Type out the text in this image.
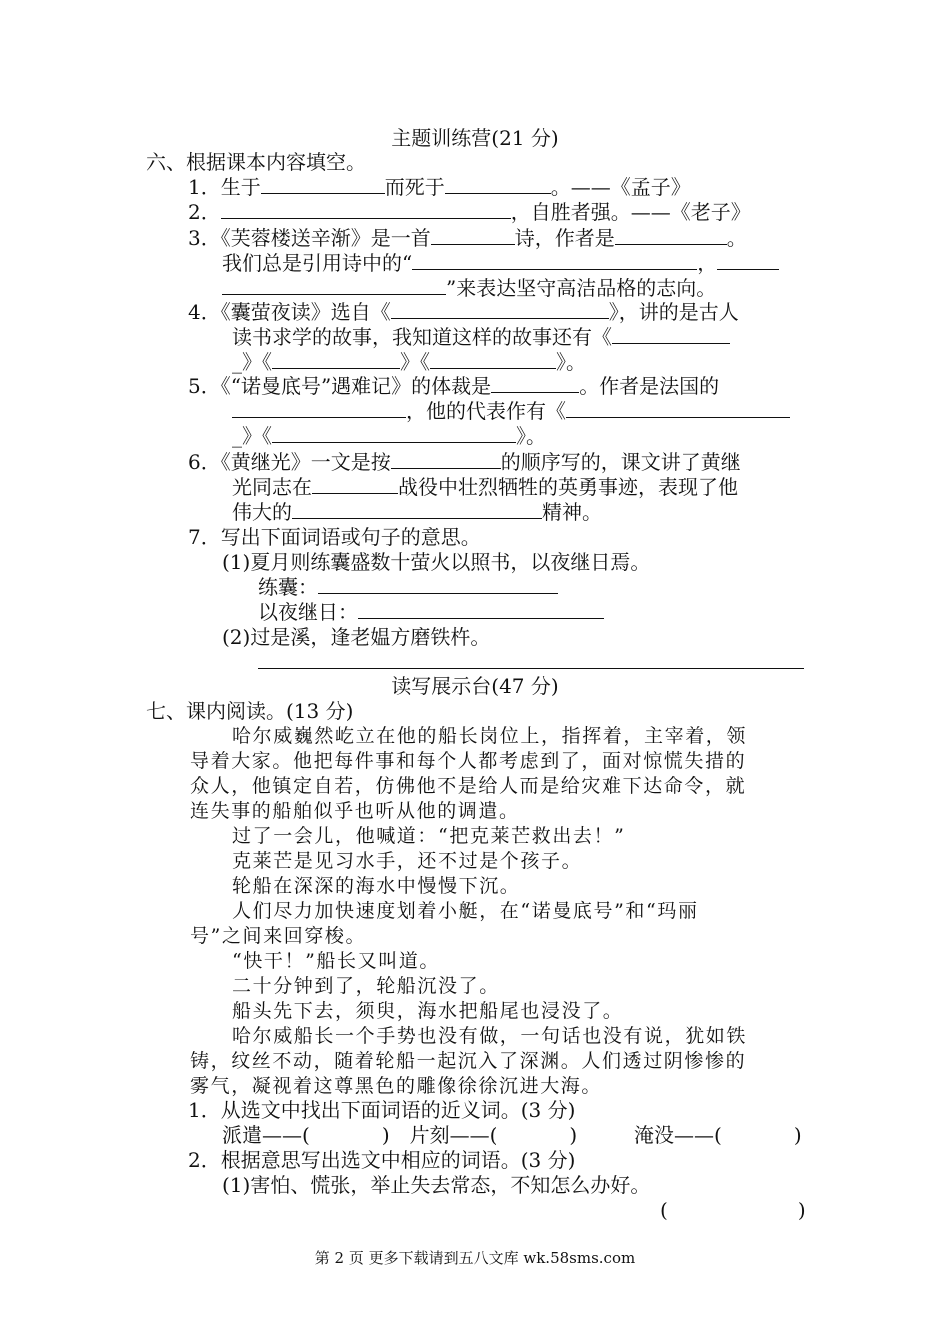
主题训练营(21 分)
六、根据课本内容填空。
1．生于	而死于	。——《孟子》
2．	，自胜者强。——《老子》
3．《芙蓉楼送辛渐》是一首	诗，作者是	。
我们总是引用诗中的“	，
”来表达坚守高洁品格的志向。
4．《囊萤夜读》选自《	》，讲的是古人
读书求学的故事，我知道这样的故事还有《
_》《	》《	》。
5．《“诺曼底号”遇难记》的体裁是	。作者是法国的
，他的代表作有《
_》《	》。
6．《黄继光》一文是按	的顺序写的，课文讲了黄继
光同志在	战役中壮烈牺牲的英勇事迹，表现了他
伟大的	精神。
7．写出下面词语或句子的意思。
(1)夏月则练囊盛数十萤火以照书，以夜继日焉。
练囊：
以夜继日：
(2)过是溪，逢老媪方磨铁杵。
读写展示台(47 分)
七、课内阅读。(13 分)
哈尔威巍然屹立在他的船长岗位上，指挥着，主宰着，领
导着大家。他把每件事和每个人都考虑到了，面对惊慌失措的
众人，他镇定自若，仿佛他不是给人而是给灾难下达命令，就
连失事的船舶似乎也听从他的调遣。
过了一会儿，他喊道：“把克莱芒救出去！”
克莱芒是见习水手，还不过是个孩子。
轮船在深深的海水中慢慢下沉。
人们尽力加快速度划着小艇，在“诺曼底号”和“玛丽
号”之间来回穿梭。
“快干！”船长又叫道。
二十分钟到了，轮船沉没了。
船头先下去，须臾，海水把船尾也浸没了。
哈尔威船长一个手势也没有做，一句话也没有说，犹如铁
铸，纹丝不动，随着轮船一起沉入了深渊。人们透过阴惨惨的
雾气，凝视着这尊黑色的雕像徐徐沉进大海。
1．从选文中找出下面词语的近义词。(3 分)
派遣——(	)　片刻——(	)	淹没——(	)
2．根据意思写出选文中相应的词语。(3 分)
(1)害怕、慌张，举止失去常态，不知怎么办好。
(	)
第 2 页 更多下载请到五八文库 wk.58sms.com
